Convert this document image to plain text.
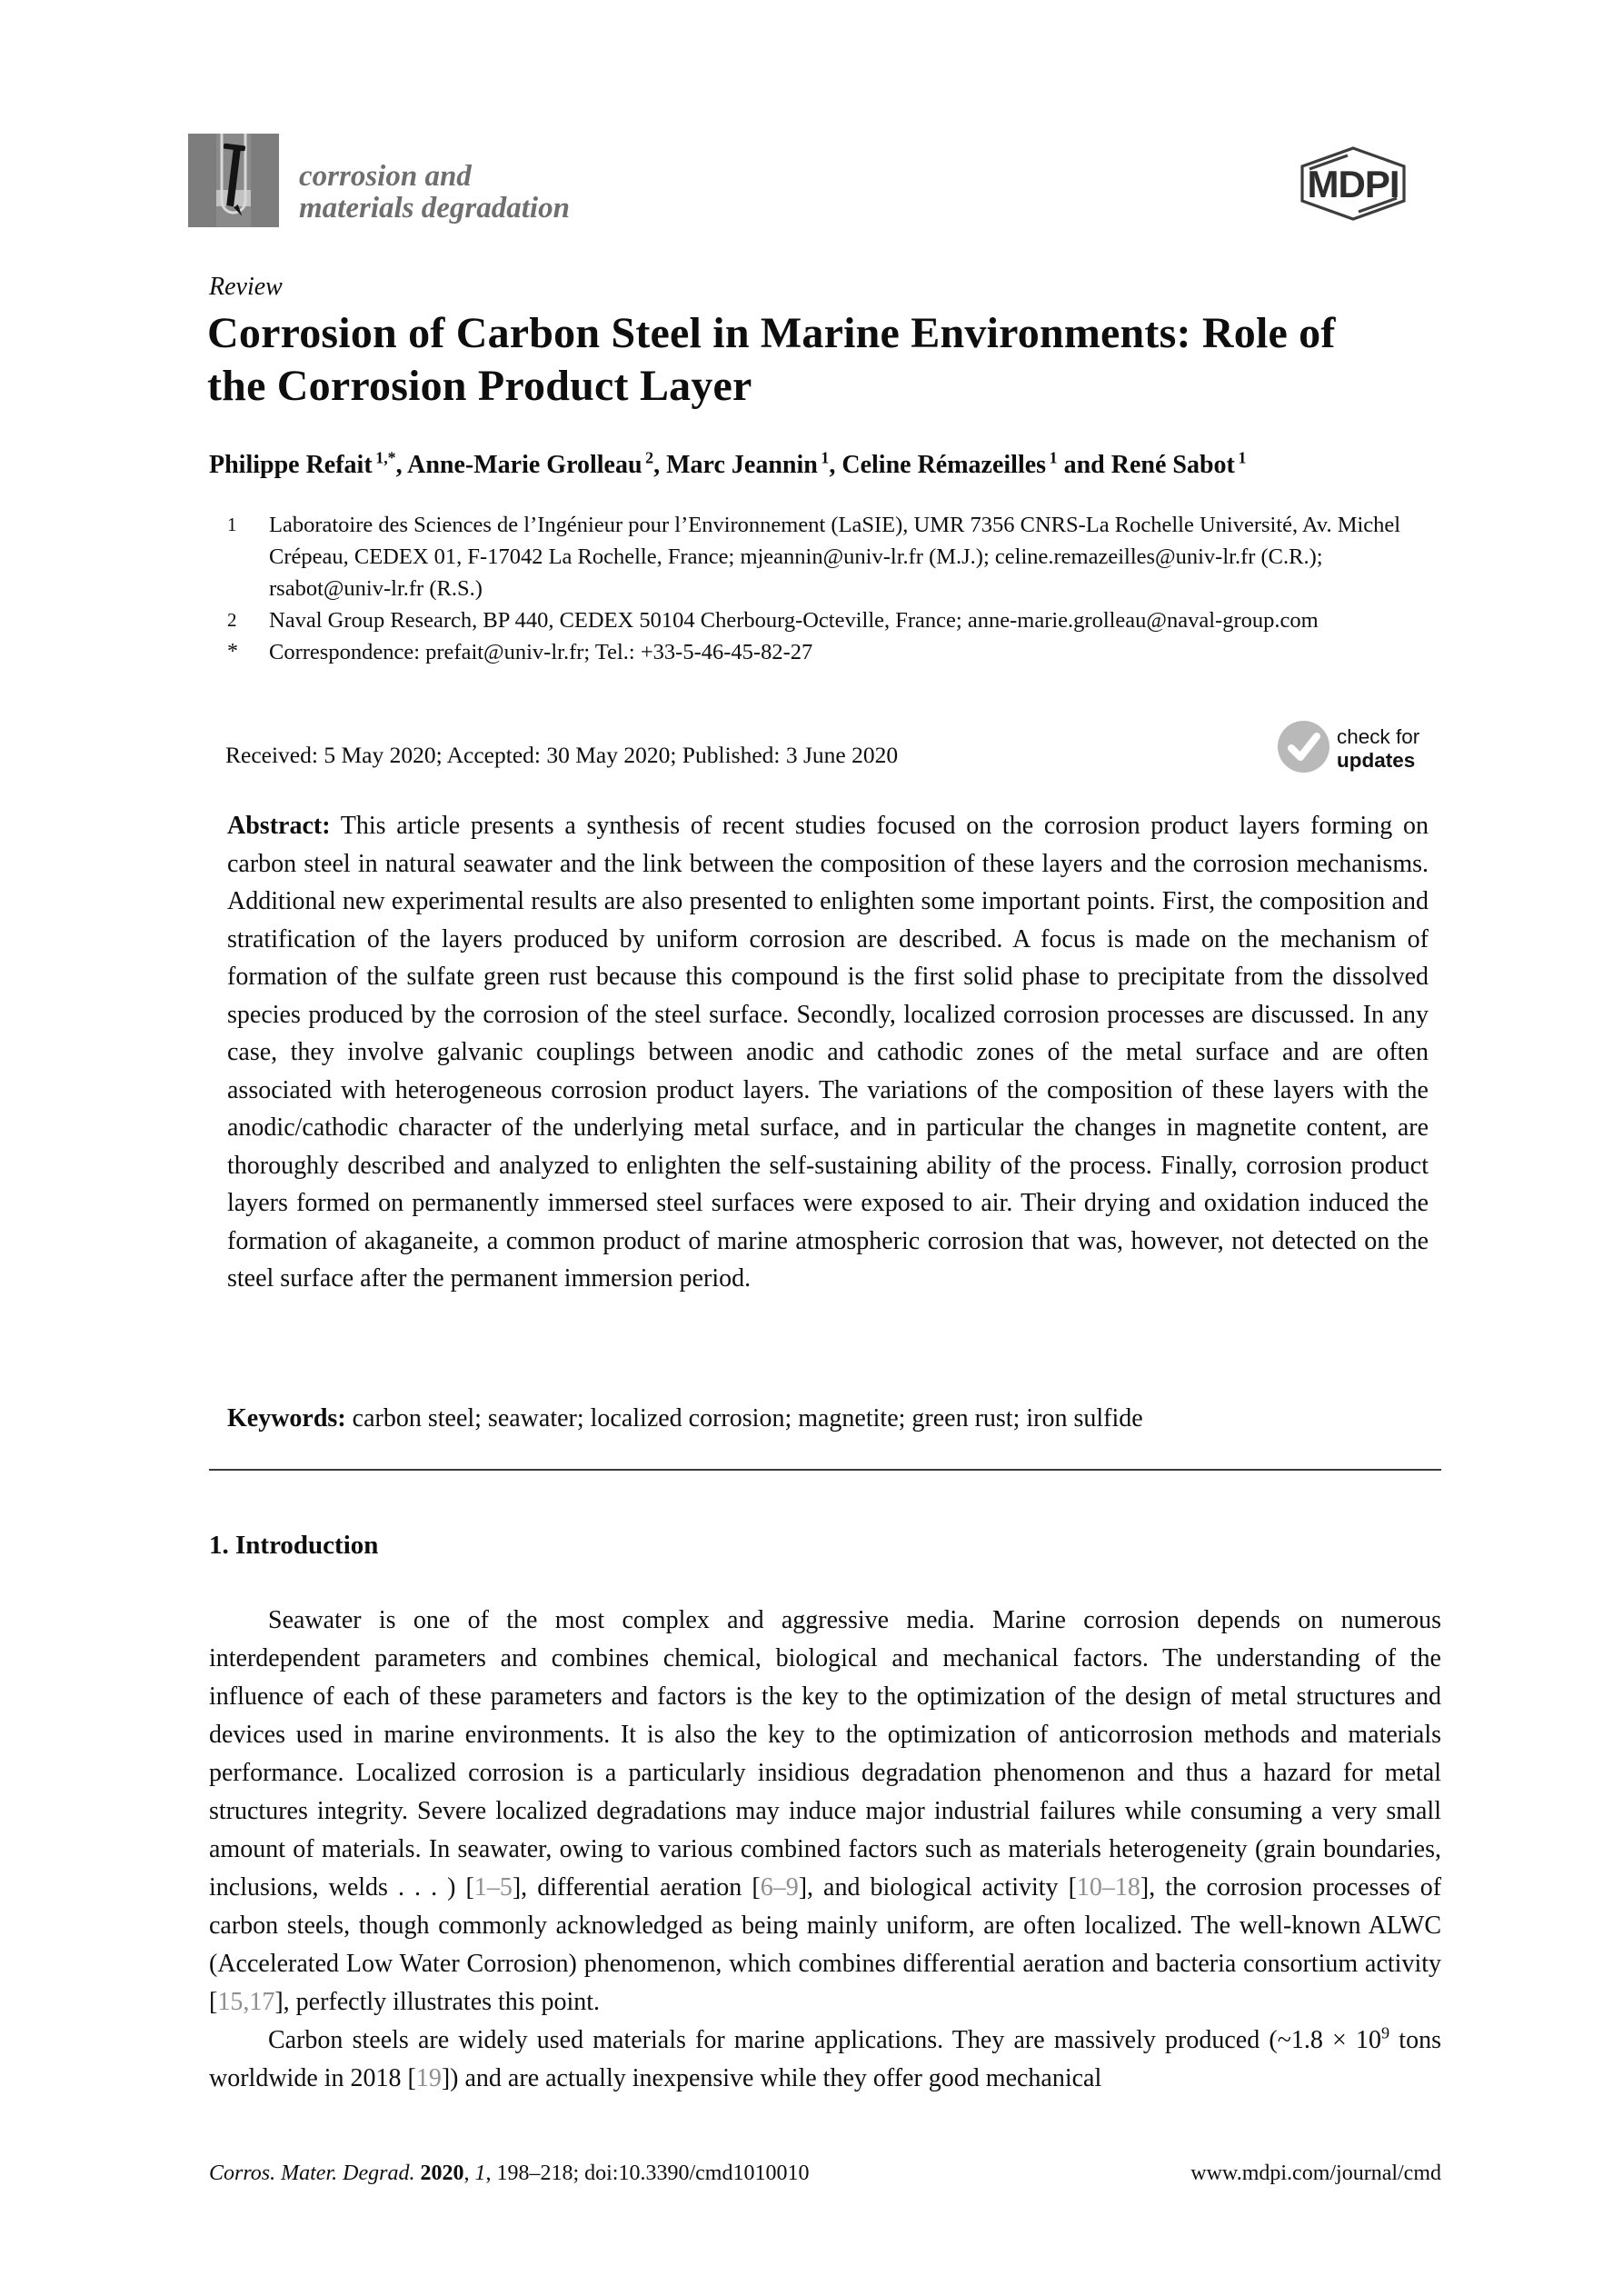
corrosion and
materials degradation
MDPI
Review
Corrosion of Carbon Steel in Marine Environments: Role of the Corrosion Product Layer
Philippe Refait $^{1,*}$, Anne-Marie Grolleau $^2$, Marc Jeannin $^1$, Celine Rémazeilles $^1$ and René Sabot $^1$
1	Laboratoire des Sciences de l’Ingénieur pour l’Environnement (LaSIE), UMR 7356 CNRS-La Rochelle Université, Av. Michel Crépeau, CEDEX 01, F-17042 La Rochelle, France; mjeannin@univ-lr.fr (M.J.); celine.remazeilles@univ-lr.fr (C.R.); rsabot@univ-lr.fr (R.S.)
2	Naval Group Research, BP 440, CEDEX 50104 Cherbourg-Octeville, France; anne-marie.grolleau@naval-group.com
*	Correspondence: prefait@univ-lr.fr; Tel.: +33-5-46-45-82-27
Received: 5 May 2020; Accepted: 30 May 2020; Published: 3 June 2020
check for
updates
Abstract: This article presents a synthesis of recent studies focused on the corrosion product layers forming on carbon steel in natural seawater and the link between the composition of these layers and the corrosion mechanisms. Additional new experimental results are also presented to enlighten some important points. First, the composition and stratification of the layers produced by uniform corrosion are described. A focus is made on the mechanism of formation of the sulfate green rust because this compound is the first solid phase to precipitate from the dissolved species produced by the corrosion of the steel surface. Secondly, localized corrosion processes are discussed. In any case, they involve galvanic couplings between anodic and cathodic zones of the metal surface and are often associated with heterogeneous corrosion product layers. The variations of the composition of these layers with the anodic/cathodic character of the underlying metal surface, and in particular the changes in magnetite content, are thoroughly described and analyzed to enlighten the self-sustaining ability of the process. Finally, corrosion product layers formed on permanently immersed steel surfaces were exposed to air. Their drying and oxidation induced the formation of akaganeite, a common product of marine atmospheric corrosion that was, however, not detected on the steel surface after the permanent immersion period.
Keywords: carbon steel; seawater; localized corrosion; magnetite; green rust; iron sulfide
1. Introduction

Seawater is one of the most complex and aggressive media. Marine corrosion depends on numerous interdependent parameters and combines chemical, biological and mechanical factors. The understanding of the influence of each of these parameters and factors is the key to the optimization of the design of metal structures and devices used in marine environments. It is also the key to the optimization of anticorrosion methods and materials performance. Localized corrosion is a particularly insidious degradation phenomenon and thus a hazard for metal structures integrity. Severe localized degradations may induce major industrial failures while consuming a very small amount of materials. In seawater, owing to various combined factors such as materials heterogeneity (grain boundaries, inclusions, welds . . . ) [1–5], differential aeration [6–9], and biological activity [10–18], the corrosion processes of carbon steels, though commonly acknowledged as being mainly uniform, are often localized. The well-known ALWC (Accelerated Low Water Corrosion) phenomenon, which combines differential aeration and bacteria consortium activity [15,17], perfectly illustrates this point.

Carbon steels are widely used materials for marine applications. They are massively produced (~1.8 × $10^9$ tons worldwide in 2018 [19]) and are actually inexpensive while they offer good mechanical

Corros. Mater. Degrad. 2020, 1, 198–218; doi:10.3390/cmd1010010	www.mdpi.com/journal/cmd
